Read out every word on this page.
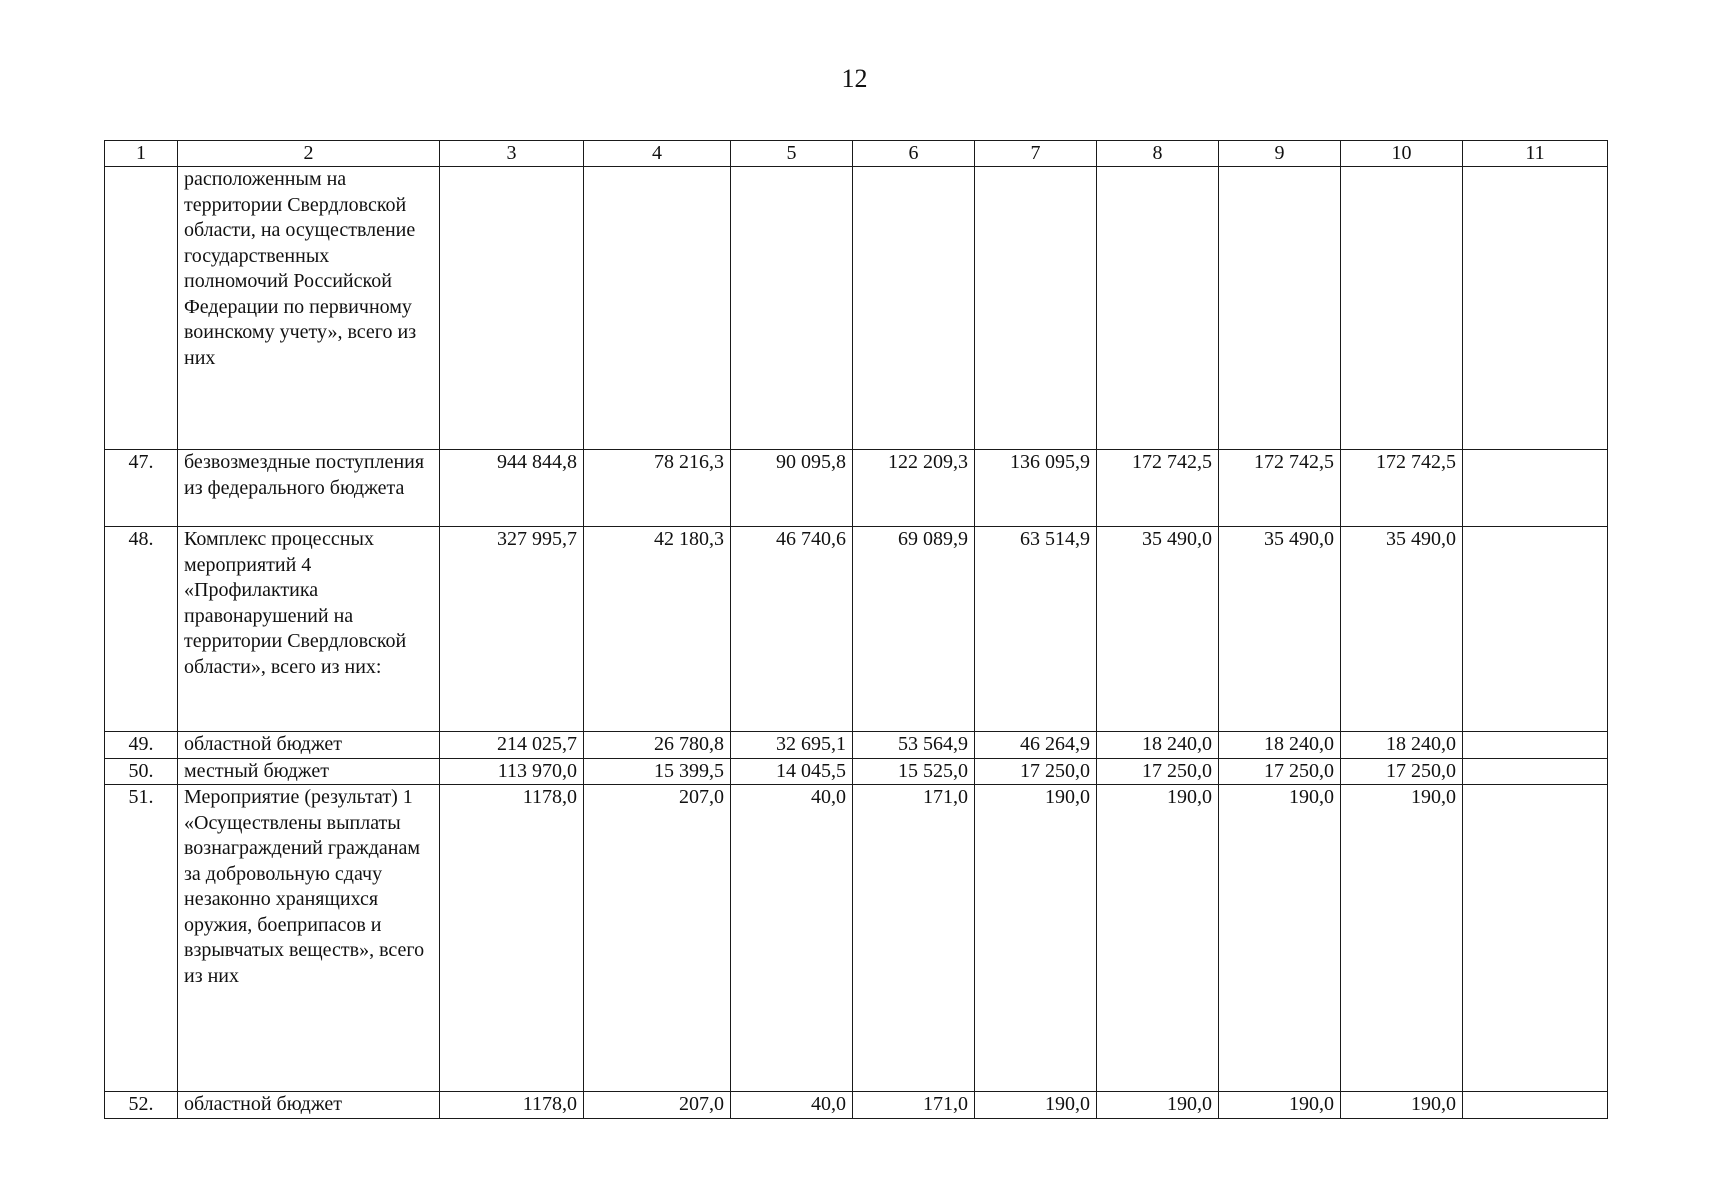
12
1	2	3	4	5	6	7	8	9	10	11
	расположенным на территории Свердловской области, на осуществление государственных полномочий Российской Федерации по первичному воинскому учету», всего из них									
47.	безвозмездные поступления из федерального бюджета	944 844,8	78 216,3	90 095,8	122 209,3	136 095,9	172 742,5	172 742,5	172 742,5	
48.	Комплекс процессных мероприятий 4 «Профилактика правонарушений на территории Свердловской области», всего из них:	327 995,7	42 180,3	46 740,6	69 089,9	63 514,9	35 490,0	35 490,0	35 490,0	
49.	областной бюджет	214 025,7	26 780,8	32 695,1	53 564,9	46 264,9	18 240,0	18 240,0	18 240,0	
50.	местный бюджет	113 970,0	15 399,5	14 045,5	15 525,0	17 250,0	17 250,0	17 250,0	17 250,0	
51.	Мероприятие (результат) 1 «Осуществлены выплаты вознаграждений гражданам за добровольную сдачу незаконно хранящихся оружия, боеприпасов и взрывчатых веществ», всего из них	1178,0	207,0	40,0	171,0	190,0	190,0	190,0	190,0	
52.	областной бюджет	1178,0	207,0	40,0	171,0	190,0	190,0	190,0	190,0	
